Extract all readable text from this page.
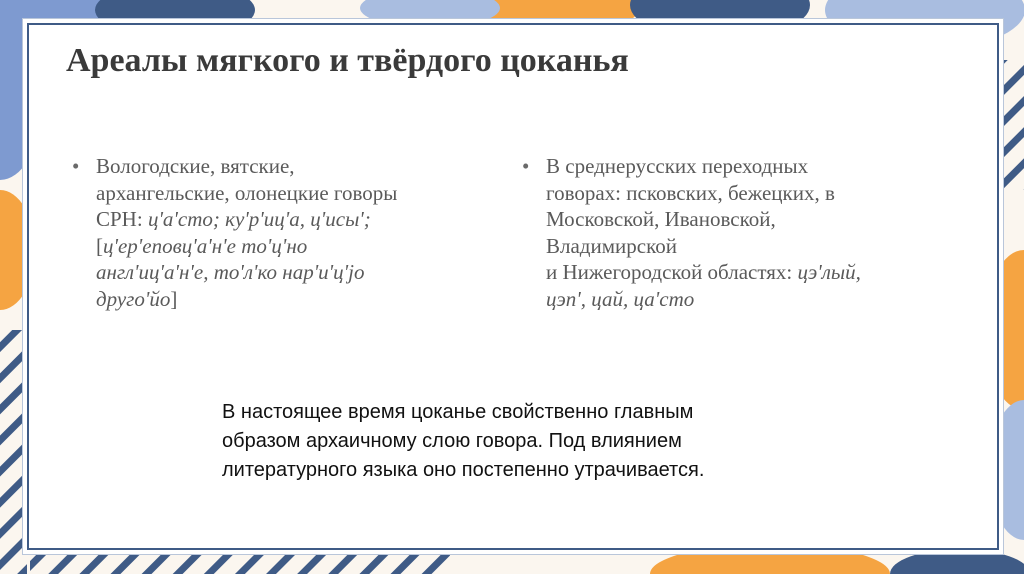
Ареалы мягкого и твёрдого цоканья
• Вологодские, вятские,
архангельские, олонецкие говоры
СРН: ц'а'сто; ку'р'иц'а, ц'исы';
[ц'ер'еповц'а'н'е то'ц'но
англ'иц'а'н'е, то'л'ко нар'и'ц'jо
друго'йо]
• В среднерусских переходных
говорах: псковских, бежецких, в
Московской, Ивановской,
Владимирской
и Нижегородской областях: цэ'лый,
цэп', цай, ца'сто
В настоящее время цоканье свойственно главным
образом архаичному слою говора. Под влиянием
литературного языка оно постепенно утрачивается.
